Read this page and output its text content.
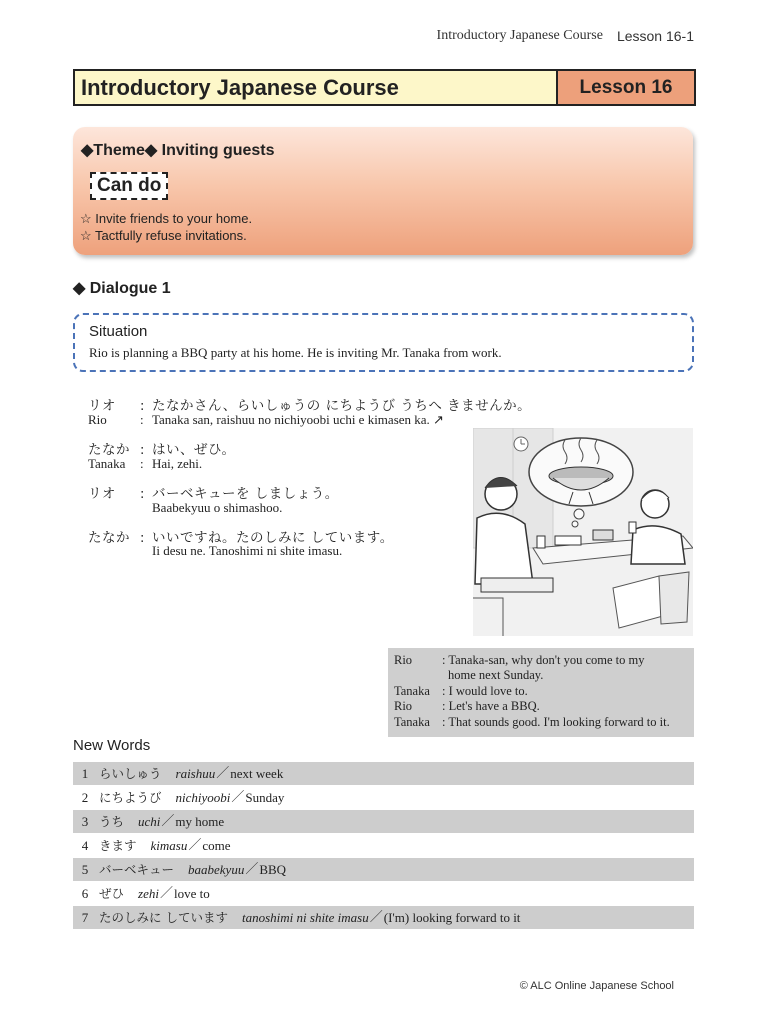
Introductory Japanese Course Lesson 16-1
Introductory Japanese Course	Lesson 16
◆Theme◆ Inviting guests
Can do
☆ Invite friends to your home.
☆ Tactfully refuse invitations.
◆ Dialogue 1
Situation
Rio is planning a BBQ party at his home. He is inviting Mr. Tanaka from work.
リオ : たなかさん、らいしゅうの にちようび うちへ きませんか。
Rio	: Tanaka san, raishuu no nichiyoobi uchi e kimasen ka. ↗
たなか : はい、ぜひ。
Tanaka : Hai, zehi.
リオ : バーベキューを しましょう。
Baabekyuu o shimashoo.
たなか : いいですね。たのしみに しています。
Ii desu ne. Tanoshimi ni shite imasu.
Rio : Tanaka-san, why don't you come to my
home next Sunday.
Tanaka : I would love to.
Rio : Let's have a BBQ.
Tanaka : That sounds good. I'm looking forward to it.
New Words
1 らいしゅう	raishuu ／ next week
2 にちようび	nichiyoobi ／ Sunday
3 うち	uchi ／ my home
4 きます	kimasu ／ come
5 バーベキュー	baabekyuu ／ BBQ
6 ぜひ	zehi ／ love to
7 たのしみに しています	tanoshimi ni shite imasu ／ (I'm) looking forward to it
© ALC Online Japanese School
